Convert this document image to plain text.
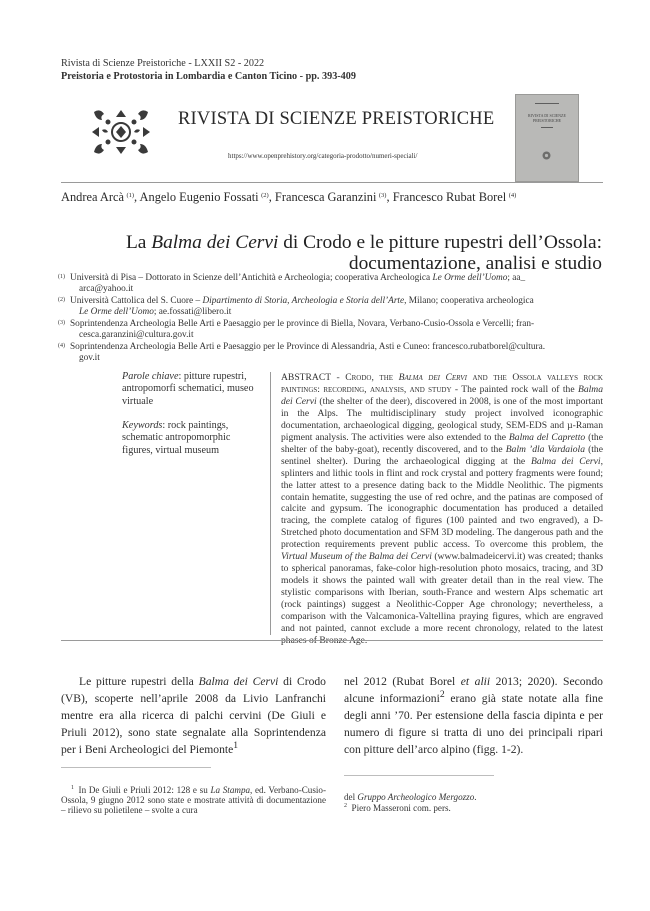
Rivista di Scienze Preistoriche - LXXII S2 - 2022
Preistoria e Protostoria in Lombardia e Canton Ticino - pp. 393-409
RIVISTA DI SCIENZE PREISTORICHE
https://www.openprehistory.org/categoria-prodotto/numeri-speciali/
▬▬▬▬▬▬▬▬
RIVISTA DI SCIENZE PREISTORICHE
▬▬▬▬
Andrea Arcà  $^{(1)}$, Angelo Eugenio Fossati  $^{(2)}$, Francesca Garanzini  $^{(3)}$, Francesco Rubat Borel  $^{(4)}$
La Balma dei Cervi di Crodo e le pitture rupestri dell’Ossola:
documentazione, analisi e studio
(1) Università di Pisa – Dottorato in Scienze dell’Antichità e Archeologia; cooperativa Archeologica Le Orme dell’Uomo; aa_

arca@yahoo.it

(2) Università Cattolica del S. Cuore – Dipartimento di Storia, Archeologia e Storia dell’Arte, Milano; cooperativa archeologica

Le Orme dell’Uomo; ae.fossati@libero.it

(3) Soprintendenza Archeologia Belle Arti e Paesaggio per le province di Biella, Novara, Verbano-Cusio-Ossola e Vercelli; fran-

cesca.garanzini@cultura.gov.it

(4) Soprintendenza Archeologia Belle Arti e Paesaggio per le Province di Alessandria, Asti e Cuneo: francesco.rubatborel@cultura.

gov.it

Parole chiave: pitture rupestri, antropomorfi schematici, museo virtuale
Keywords: rock paintings, schematic antropomorphic figures, virtual museum
ABSTRACT - Crodo, the Balma dei Cervi and the Ossola valleys rock paintings: recording, analysis, and study - The painted rock wall of the Balma dei Cervi (the shelter of the deer), discovered in 2008, is one of the most important in the Alps. The multidisciplinary study project involved iconographic documentation, archaeological digging, geological study, SEM-EDS and µ-Raman pigment analysis. The activities were also extended to the Balma del Capretto (the shelter of the baby-goat), recently discovered, and to the Balm ’dla Vardaiola (the sentinel shelter). During the archaeological digging at the Balma dei Cervi, splinters and lithic tools in flint and rock crystal and pottery fragments were found; the latter attest to a presence dating back to the Middle Neolithic. The pigments contain hematite, suggesting the use of red ochre, and the patinas are composed of calcite and gypsum. The iconographic documentation has produced a detailed tracing, the complete catalog of figures (100 painted and two engraved), a D-Stretched photo documentation and SFM 3D modeling. The dangerous path and the protection requirements prevent public access. To overcome this problem, the Virtual Museum of the Balma dei Cervi (www.balmadeicervi.it) was created; thanks to spherical panoramas, fake-color high-resolution photo mosaics, tracing, and 3D models it shows the painted wall with greater detail than in the real view. The stylistic comparisons with Iberian, south-France and western Alps schematic art (rock paintings) suggest a Neolithic-Copper Age chronology; nevertheless, a comparison with the Valcamonica-Valtellina praying figures, which are engraved and not painted, cannot exclude a more recent chronology, related to the latest phases of Bronze Age.
Le pitture rupestri della Balma dei Cervi di Crodo (VB), scoperte nell’aprile 2008 da Livio Lanfranchi mentre era alla ricerca di palchi cervini (De Giuli e Priuli 2012), sono state segnalate alla Soprintendenza per i Beni Archeologici del Piemonte$^1$
nel 2012 (Rubat Borel et alii 2013; 2020). Secondo alcune informazioni$^2$ erano già state notate alla fine degli anni ’70. Per estensione della fascia dipinta e per numero di figure si tratta di uno dei principali ripari con pitture dell’arco alpino (figg. 1-2).
$^1$  In De Giuli e Priuli 2012: 128 e su La Stampa, ed. Verbano-Cusio-Ossola, 9 giugno 2012 sono state e mostrate attività di documentazione – rilievo su polietilene – svolte a cura
del Gruppo Archeologico Mergozzo.
$^2$  Piero Masseroni com. pers.
